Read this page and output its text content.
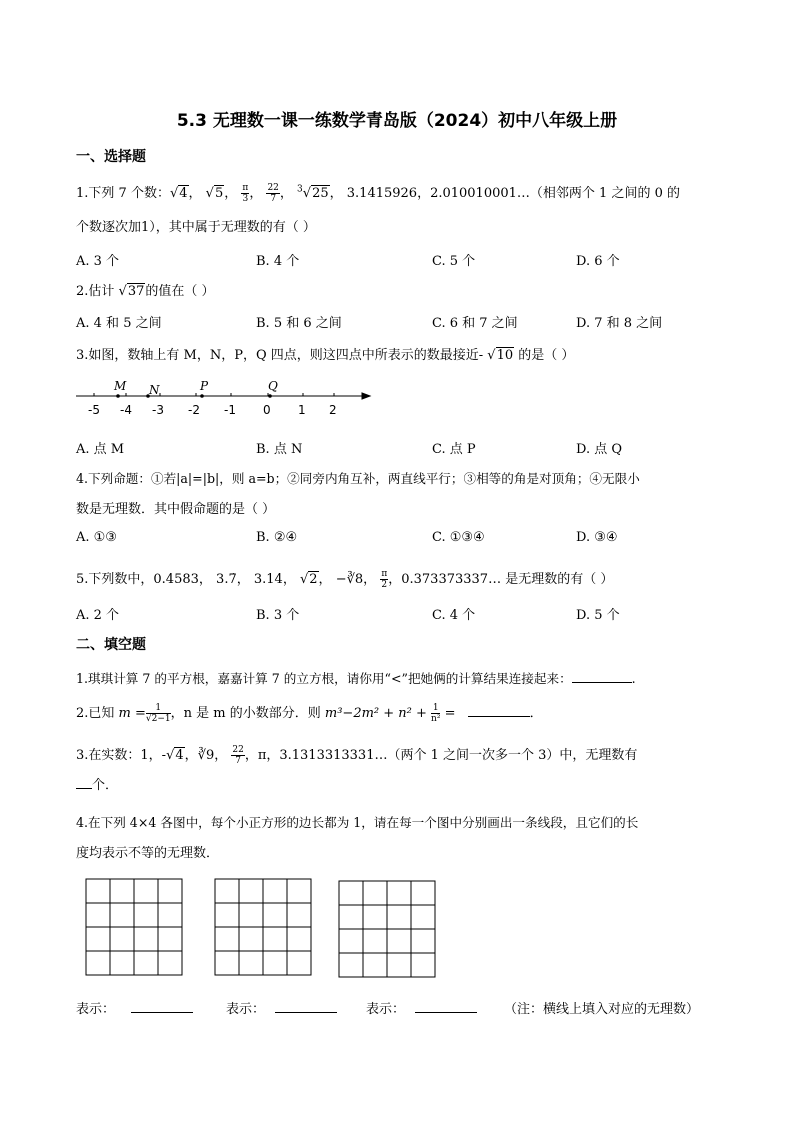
5.3 无理数一课一练数学青岛版（2024）初中八年级上册
一、选择题
1.下列 7 个数：√4， √5， $\frac{\pi}{3}$ ， $\frac{22}{7}$ ， $^3$√25， 3.1415926，2.010010001…（相邻两个 1 之间的 0 的
个数逐次加1），其中属于无理数的有（ ）
A. 3 个	B. 4 个	C. 5 个	D. 6 个
2.估计 √37的值在（ ）
A. 4 和 5 之间	B. 5 和 6 之间	C. 6 和 7 之间	D. 7 和 8 之间
3.如图，数轴上有 M，N，P，Q 四点，则这四点中所表示的数最接近- √10 的是（ ）
M N	P	Q
-5 -4 -3 -2 -1 0 1 2
A. 点 M	B. 点 N	C. 点 P	D. 点 Q
4.下列命题：①若|a|=|b|，则 a=b；②同旁内角互补，两直线平行；③相等的角是对顶角；④无限小
数是无理数．其中假命题的是（ ）
A. ①③	B. ②④	C. ①③④	D. ③④
5.下列数中，0.4583， 3.7̇， 3.14， √2， −∛8， $\frac{\pi}{2}$ ，0.373373337… 是无理数的有（ ）
A. 2 个	B. 3 个	C. 4 个	D. 5 个
二、填空题
1.琪琪计算 7 的平方根，嘉嘉计算 7 的立方根，请你用“<”把她俩的计算结果连接起来：	.
2.已知 $m = \frac{1}{√2-1}$ ，n 是 m 的小数部分．则 $m^3-2m^2 + n^2 + \frac{1}{\text{n²}}$ =	．
3.在实数：1，-√4，∛9， $\frac{22}{7}$ ，π，3.1313313331…（两个 1 之间一次多一个 3）中，无理数有
个．
4.在下列 4×4 各图中，每个小正方形的边长都为 1，请在每一个图中分别画出一条线段，且它们的长
度均表示不等的无理数．
表示：	表示：	表示：	（注：横线上填入对应的无理数）
